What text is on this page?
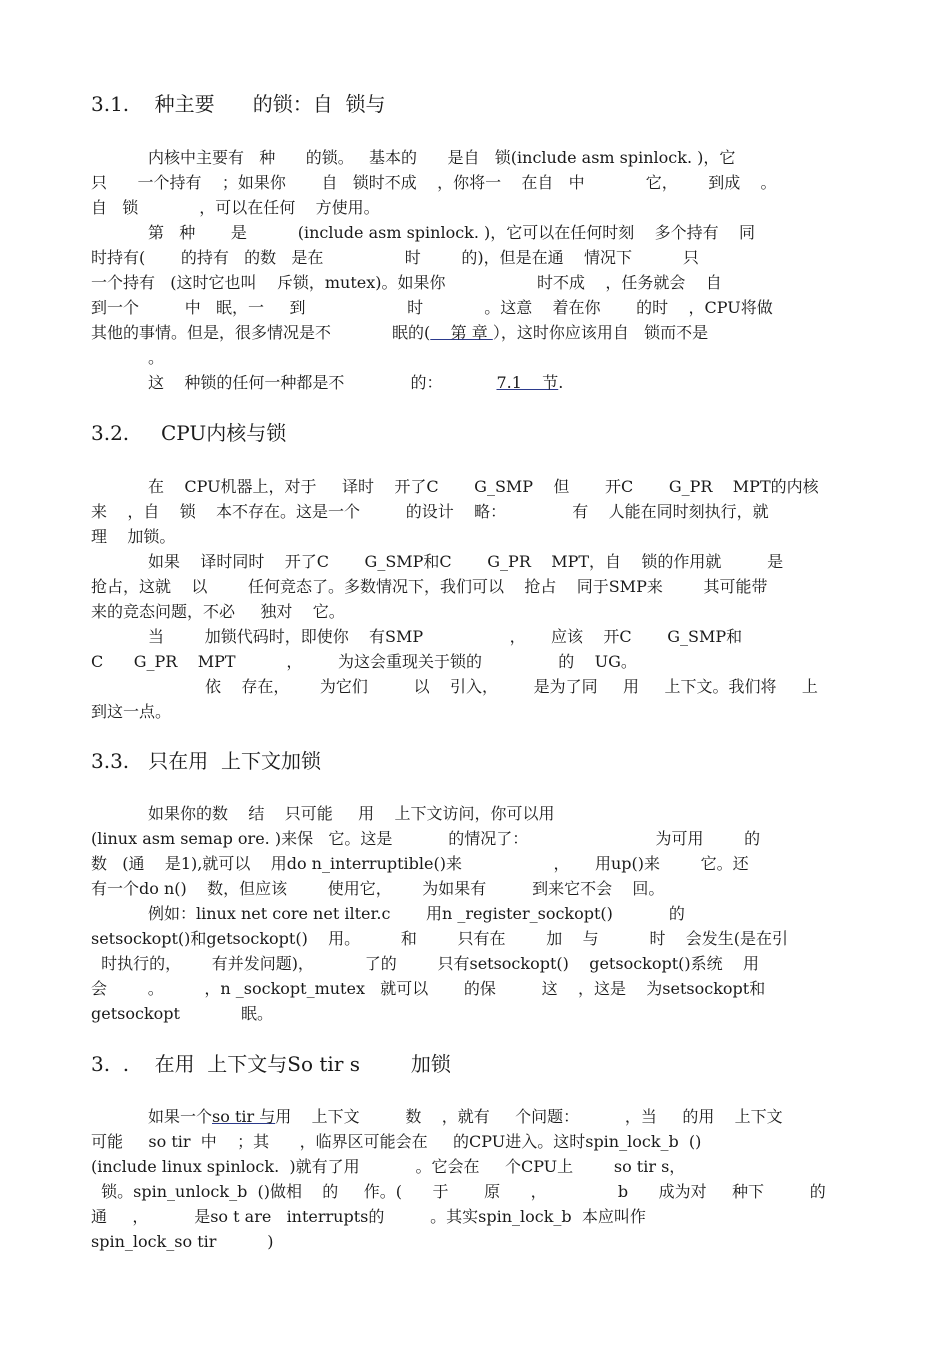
3.1.    种主要      的锁：自  锁与

内核中主要有   种      的锁。   基本的      是自   锁(include asm spinlock. )，它

只      一个持有    ；如果你       自   锁时不成    ，你将一    在自   中            它，      到成    。

自   锁            ，可以在任何    方使用。

第   种       是          (include asm spinlock. )，它可以在任何时刻    多个持有    同

时持有(       的持有   的数   是在                时        的)，但是在通    情况下          只

一个持有   (这时它也叫    斥锁，mutex)。如果你                  时不成    ，任务就会    自

到一个         中   眠，一     到                    时            。这意    着在你       的时    ，CPU将做

其他的事情。但是，很多情况是不            眠的(    第 章 ），这时你应该用自   锁而不是

。

这    种锁的任何一种都是不             的：	7.1    节.

3.2.     CPU内核与锁

在    CPU机器上，对于     译时    开了C       G_SMP    但       开C       G_PR    MPT的内核

来    ，自    锁    本不存在。这是一个         的设计    略：             有    人能在同时刻执行，就

理    加锁。

如果    译时同时    开了C       G_SMP和C       G_PR    MPT，自    锁的作用就         是

抢占，这就    以        任何竞态了。多数情况下，我们可以    抢占    同于SMP来        其可能带

来的竞态问题，不必     独对    它。

当        加锁代码时，即使你    有SMP                 ，     应该    开C       G_SMP和

C      G_PR    MPT          ，       为这会重现关于锁的               的    UG。

依    存在，      为它们         以    引入，       是为了同     用     上下文。我们将     上

到这一点。

3.3.   只在用  上下文加锁

如果你的数    结    只可能     用    上下文访问，你可以用

(linux asm semap ore. )来保   它。这是           的情况了：                         为可用        的

数   (通    是1),就可以    用do n_interruptible()来                  ，     用up()来        它。还

有一个do n()    数，但应该        使用它，      为如果有         到来它不会    回。

例如：linux net core net ilter.c       用n _register_sockopt()           的

setsockopt()和getsockopt()    用。        和        只有在        加    与          时    会发生(是在引

时执行的，      有并发问题)，          了的        只有setsockopt()    getsockopt()系统    用

会        。        ，n _sockopt_mutex   就可以       的保         这    ，这是    为setsockopt和

getsockopt            眠。

3.  .    在用  上下文与So tir s        加锁

如果一个so tir 与用    上下文         数    ，就有     个问题：         ，当     的用    上下文

可能     so tir  中    ；其      ，临界区可能会在     的CPU进入。这时spin_lock_b  ()

(include linux spinlock.  )就有了用           。它会在     个CPU上        so tir s，

锁。spin_unlock_b  ()做相    的     作。(      于       原      ，              b      成为对     种下         的

通     ，         是so t are   interrupts的         。其实spin_lock_b  本应叫作

spin_lock_so tir          )
